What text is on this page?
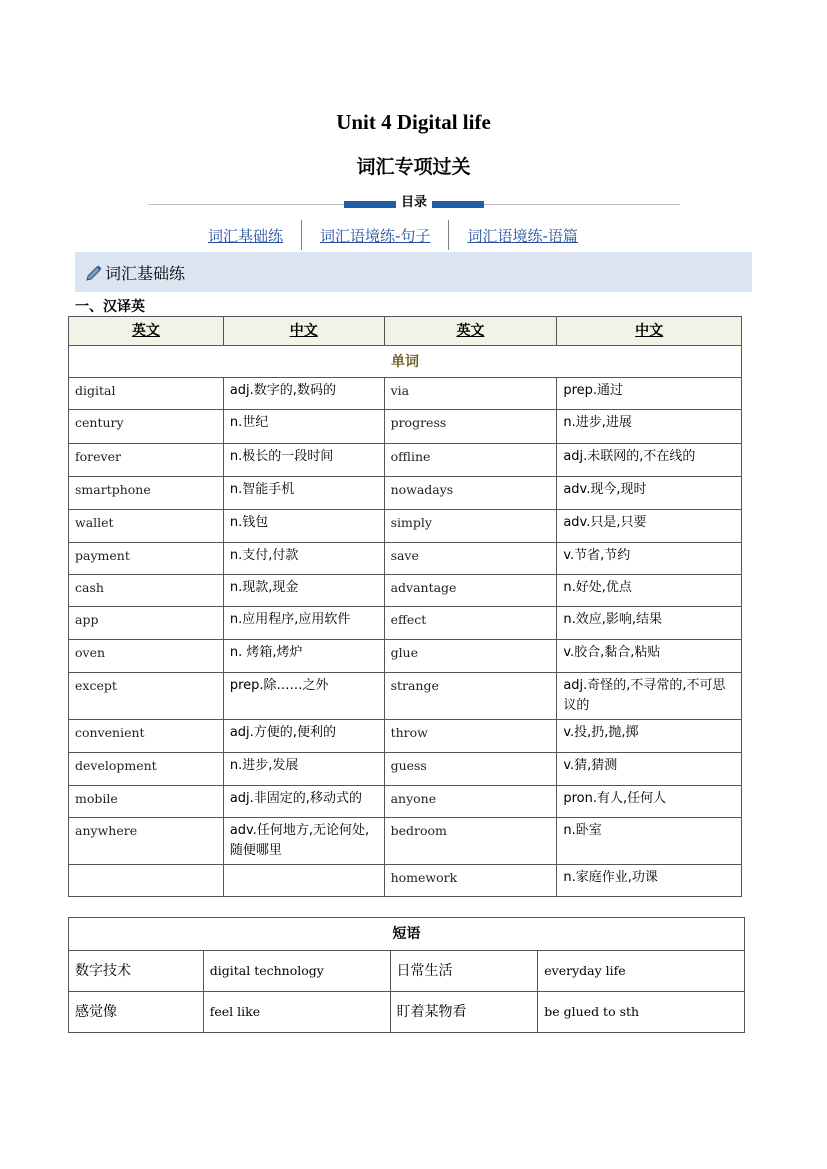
Unit 4 Digital life
词汇专项过关
目录
词汇基础练	词汇语境练-句子	词汇语境练-语篇
词汇基础练
一、汉译英
英文	中文	英文	中文
单词			
digital	adj.数字的,数码的	via	prep.通过
century	n.世纪	progress	n.进步,进展
forever	n.极长的一段时间	offline	adj.未联网的,不在线的
smartphone	n.智能手机	nowadays	adv.现今,现时
wallet	n.钱包	simply	adv.只是,只要
payment	n.支付,付款	save	v.节省,节约
cash	n.现款,现金	advantage	n.好处,优点
app	n.应用程序,应用软件	effect	n.效应,影响,结果
oven	n. 烤箱,烤炉	glue	v.胶合,黏合,粘贴
except	prep.除……之外	strange	adj.奇怪的,不寻常的,不可思议的
convenient	adj.方便的,便利的	throw	v.投,扔,抛,掷
development	n.进步,发展	guess	v.猜,猜测
mobile	adj.非固定的,移动式的	anyone	pron.有人,任何人
anywhere	adv.任何地方,无论何处,随便哪里	bedroom	n.卧室
		homework	n.家庭作业,功课
短语			
数字技术	digital technology	日常生活	everyday life
感觉像	feel like	盯着某物看	be glued to sth
